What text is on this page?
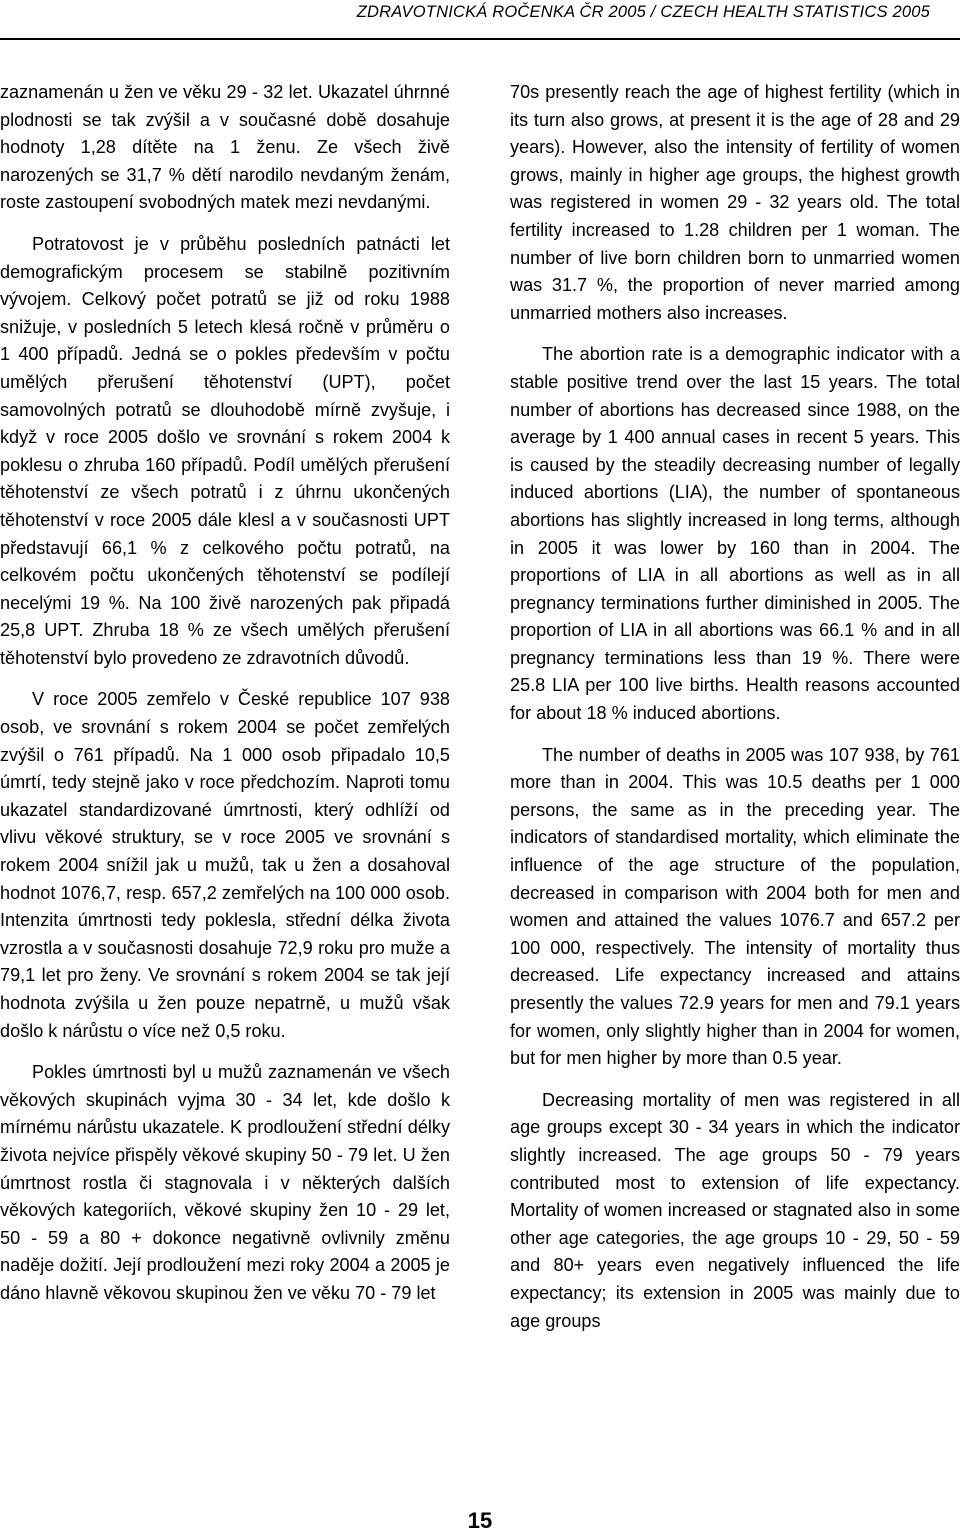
ZDRAVOTNICKÁ ROČENKA ČR 2005 / CZECH HEALTH STATISTICS 2005

zaznamenán u žen ve věku 29 - 32 let. Ukazatel úhrnné plodnosti se tak zvýšil a v současné době dosahuje hodnoty 1,28 dítěte na 1 ženu. Ze všech živě narozených se 31,7 % dětí narodilo nevdaným ženám, roste zastoupení svobodných matek mezi nevdanými.

Potratovost je v průběhu posledních patnácti let demografickým procesem se stabilně pozitivním vývojem. Celkový počet potratů se již od roku 1988 snižuje, v posledních 5 letech klesá ročně v průměru o 1 400 případů. Jedná se o pokles především v počtu umělých přerušení těhotenství (UPT), počet samovolných potratů se dlouhodobě mírně zvyšuje, i když v roce 2005 došlo ve srovnání s rokem 2004 k poklesu o zhruba 160 případů. Podíl umělých přerušení těhotenství ze všech potratů i z úhrnu ukončených těhotenství v roce 2005 dále klesl a v současnosti UPT představují 66,1 % z celkového počtu potratů, na celkovém počtu ukončených těhotenství se podílejí necelými 19 %. Na 100 živě narozených pak připadá 25,8 UPT. Zhruba 18 % ze všech umělých přerušení těhotenství bylo provedeno ze zdravotních důvodů.

V roce 2005 zemřelo v České republice 107 938 osob, ve srovnání s rokem 2004 se počet zemřelých zvýšil o 761 případů. Na 1 000 osob připadalo 10,5 úmrtí, tedy stejně jako v roce předchozím. Naproti tomu ukazatel standardizované úmrtnosti, který odhlíží od vlivu věkové struktury, se v roce 2005 ve srovnání s rokem 2004 snížil jak u mužů, tak u žen a dosahoval hodnot 1076,7, resp. 657,2 zemřelých na 100 000 osob. Intenzita úmrtnosti tedy poklesla, střední délka života vzrostla a v současnosti dosahuje 72,9 roku pro muže a 79,1 let pro ženy. Ve srovnání s rokem 2004 se tak její hodnota zvýšila u žen pouze nepatrně, u mužů však došlo k nárůstu o více než 0,5 roku.

Pokles úmrtnosti byl u mužů zaznamenán ve všech věkových skupinách vyjma 30 - 34 let, kde došlo k mírnému nárůstu ukazatele. K prodloužení střední délky života nejvíce přispěly věkové skupiny 50 - 79 let. U žen úmrtnost rostla či stagnovala i v některých dalších věkových kategoriích, věkové skupiny žen 10 - 29 let, 50 - 59 a 80 + dokonce negativně ovlivnily změnu naděje dožití. Její prodloužení mezi roky 2004 a 2005 je dáno hlavně věkovou skupinou žen ve věku 70 - 79 let

70s presently reach the age of highest fertility (which in its turn also grows, at present it is the age of 28 and 29 years). However, also the intensity of fertility of women grows, mainly in higher age groups, the highest growth was registered in women 29 - 32 years old. The total fertility increased to 1.28 children per 1 woman. The number of live born children born to unmarried women was 31.7 %, the proportion of never married among unmarried mothers also increases.

The abortion rate is a demographic indicator with a stable positive trend over the last 15 years. The total number of abortions has decreased since 1988, on the average by 1 400 annual cases in recent 5 years. This is caused by the steadily decreasing number of legally induced abortions (LIA), the number of spontaneous abortions has slightly increased in long terms, although in 2005 it was lower by 160 than in 2004. The proportions of LIA in all abortions as well as in all pregnancy terminations further diminished in 2005. The proportion of LIA in all abortions was 66.1 % and in all pregnancy terminations less than 19 %. There were 25.8 LIA per 100 live births. Health reasons accounted for about 18 % induced abortions.

The number of deaths in 2005 was 107 938, by 761 more than in 2004. This was 10.5 deaths per 1 000 persons, the same as in the preceding year. The indicators of standardised mortality, which eliminate the influence of the age structure of the population, decreased in comparison with 2004 both for men and women and attained the values 1076.7 and 657.2 per 100 000, respectively. The intensity of mortality thus decreased. Life expectancy increased and attains presently the values 72.9 years for men and 79.1 years for women, only slightly higher than in 2004 for women, but for men higher by more than 0.5 year.

Decreasing mortality of men was registered in all age groups except 30 - 34 years in which the indicator slightly increased. The age groups 50 - 79 years contributed most to extension of life expectancy. Mortality of women increased or stagnated also in some other age categories, the age groups 10 - 29, 50 - 59 and 80+ years even negatively influenced the life expectancy; its extension in 2005 was mainly due to age groups

15
